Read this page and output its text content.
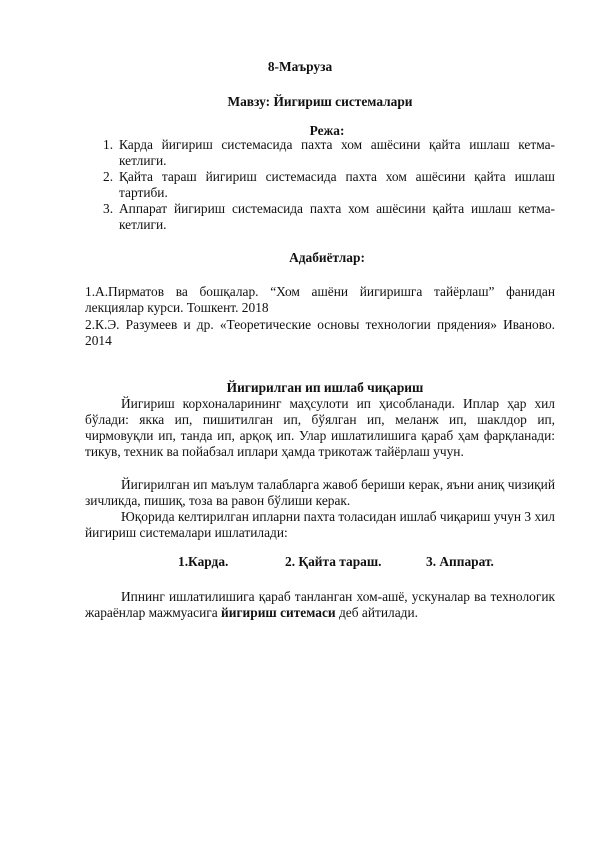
8-Маъруза
Мавзу: Йигириш системалари
Режа:
1. Карда йигириш системасида пахта хом ашёсини қайта ишлаш кетма-кетлиги.
2. Қайта тараш йигириш системасида пахта хом ашёсини қайта ишлаш тартиби.
3. Аппарат йигириш системасида пахта хом ашёсини қайта ишлаш кетма-кетлиги.
Адабиётлар:
1.А.Пирматов ва бошқалар. “Хом ашёни йигиришга тайёрлаш” фанидан лекциялар курси. Тошкент. 2018
2.К.Э. Разумеев и др. «Теоретические основы технологии прядения» Иваново. 2014
Йигирилган ип ишлаб чиқариш
Йигириш корхоналарининг маҳсулоти ип ҳисобланади. Иплар ҳар хил бўлади: якка ип, пишитилган ип, бўялган ип, меланж ип, шаклдор ип, чирмовуқли ип, танда ип, арқоқ ип. Улар ишлатилишига қараб ҳам фарқланади: тикув, техник ва пойабзал иплари ҳамда трикотаж тайёрлаш учун.
Йигирилган ип маълум талабларга жавоб бериши керак, яъни аниқ чизиқий зичликда, пишиқ, тоза ва равон бўлиши керак.
Юқорида келтирилган ипларни пахта толасидан ишлаб чиқариш учун 3 хил йигириш системалари ишлатилади:
1.Карда.	2. Қайта тараш.	3. Аппарат.
Ипнинг ишлатилишига қараб танланган хом-ашё, ускуналар ва технологик жараёнлар мажмуасига йигириш ситемаси деб айтилади.
